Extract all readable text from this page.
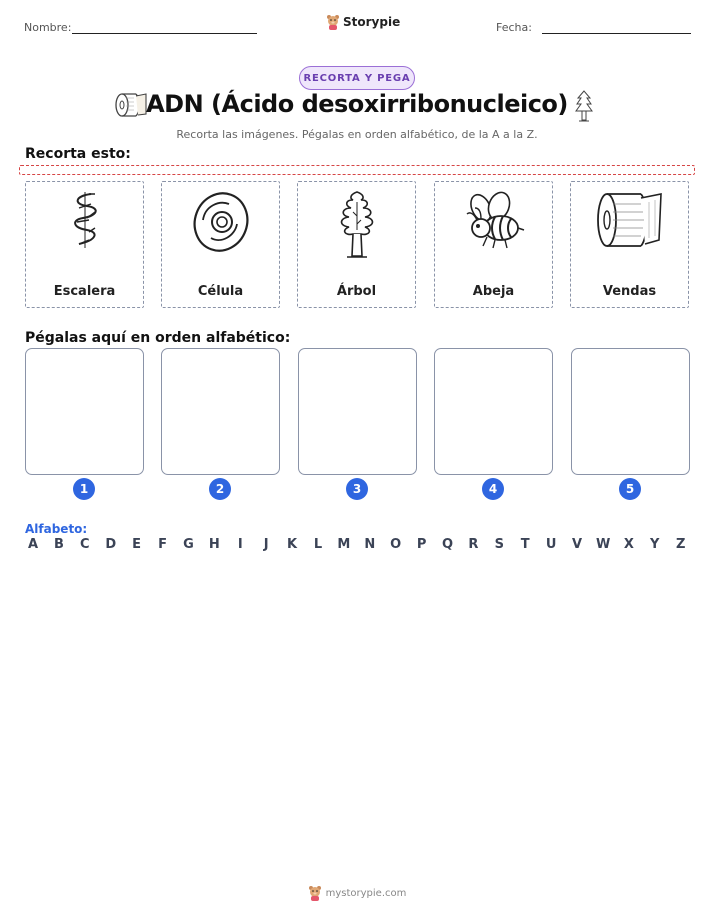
Nombre:	Storypie	Fecha:
RECORTA Y PEGA
ADN (Ácido desoxirribonucleico)
Recorta las imágenes. Pégalas en orden alfabético, de la A a la Z.
Recorta esto:
Escalera	Célula	Árbol	Abeja	Vendas
Pégalas aquí en orden alfabético:
1	2	3	4	5
Alfabeto:
A B C D E F G H	I	J	K L M N O P Q R S T U V W X Y Z
mystorypie.com
